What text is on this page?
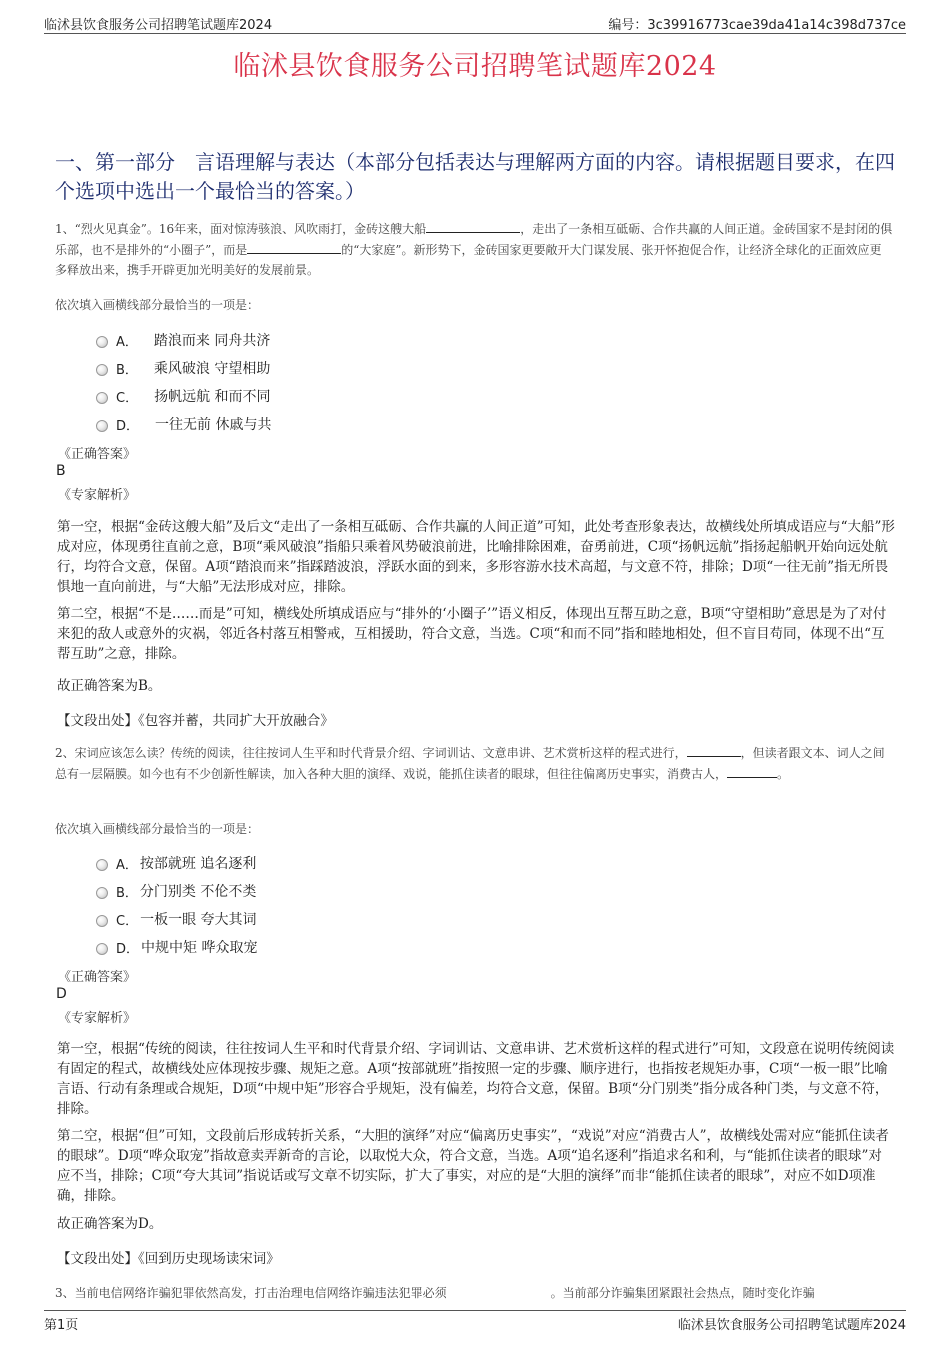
临沭县饮食服务公司招聘笔试题库2024	编号：3c39916773cae39da41a14c398d737ce
临沭县饮食服务公司招聘笔试题库2024
一、第一部分　言语理解与表达（本部分包括表达与理解两方面的内容。请根据题目要求，在四个选项中选出一个最恰当的答案。）
1、“烈火见真金”。16年来，面对惊涛骇浪、风吹雨打，金砖这艘大船	，走出了一条相互砥砺、合作共赢的人间正道。金砖国家不是封闭的俱乐部，也不是排外的“小圈子”，而是	的“大家庭”。新形势下，金砖国家更要敞开大门谋发展、张开怀抱促合作，让经济全球化的正面效应更多释放出来，携手开辟更加光明美好的发展前景。
依次填入画横线部分最恰当的一项是：
A． 踏浪而来 同舟共济
B． 乘风破浪 守望相助
C． 扬帆远航 和而不同
D． 一往无前 休戚与共
《正确答案》
B
《专家解析》
第一空，根据“金砖这艘大船”及后文“走出了一条相互砥砺、合作共赢的人间正道”可知，此处考查形象表达，故横线处所填成语应与“大船”形成对应，体现勇往直前之意，B项“乘风破浪”指船只乘着风势破浪前进，比喻排除困难，奋勇前进，C项“扬帆远航”指扬起船帆开始向远处航行，均符合文意，保留。A项“踏浪而来”指踩踏波浪，浮跃水面的到来，多形容游水技术高超，与文意不符，排除；D项“一往无前”指无所畏惧地一直向前进，与“大船”无法形成对应，排除。
第二空，根据“不是……而是”可知，横线处所填成语应与“排外的‘小圈子’”语义相反，体现出互帮互助之意，B项“守望相助”意思是为了对付来犯的敌人或意外的灾祸，邻近各村落互相警戒，互相援助，符合文意，当选。C项“和而不同”指和睦地相处，但不盲目苟同，体现不出“互帮互助”之意，排除。
故正确答案为B。
【文段出处】《包容并蓄，共同扩大开放融合》
2、宋词应该怎么读？传统的阅读，往往按词人生平和时代背景介绍、字词训诂、文意串讲、艺术赏析这样的程式进行，	，但读者跟文本、词人之间总有一层隔膜。如今也有不少创新性解读，加入各种大胆的演绎、戏说，能抓住读者的眼球，但往往偏离历史事实，消费古人，	。
依次填入画横线部分最恰当的一项是：
A． 按部就班 追名逐利
B． 分门别类 不伦不类
C． 一板一眼 夸大其词
D． 中规中矩 哗众取宠
《正确答案》
D
《专家解析》
第一空，根据“传统的阅读，往往按词人生平和时代背景介绍、字词训诂、文意串讲、艺术赏析这样的程式进行”可知，文段意在说明传统阅读有固定的程式，故横线处应体现按步骤、规矩之意。A项“按部就班”指按照一定的步骤、顺序进行，也指按老规矩办事，C项“一板一眼”比喻言语、行动有条理或合规矩，D项“中规中矩”形容合乎规矩，没有偏差，均符合文意，保留。B项“分门别类”指分成各种门类，与文意不符，排除。
第二空，根据“但”可知，文段前后形成转折关系，“大胆的演绎”对应“偏离历史事实”，“戏说”对应“消费古人”，故横线处需对应“能抓住读者的眼球”。D项“哗众取宠”指故意卖弄新奇的言论，以取悦大众，符合文意，当选。A项“追名逐利”指追求名和利，与“能抓住读者的眼球”对应不当，排除；C项“夸大其词”指说话或写文章不切实际，扩大了事实，对应的是“大胆的演绎”而非“能抓住读者的眼球”，对应不如D项准确，排除。
故正确答案为D。
【文段出处】《回到历史现场读宋词》
3、当前电信网络诈骗犯罪依然高发，打击治理电信网络诈骗违法犯罪必须	。当前部分诈骗集团紧跟社会热点，随时变化诈骗
第1页	临沭县饮食服务公司招聘笔试题库2024
